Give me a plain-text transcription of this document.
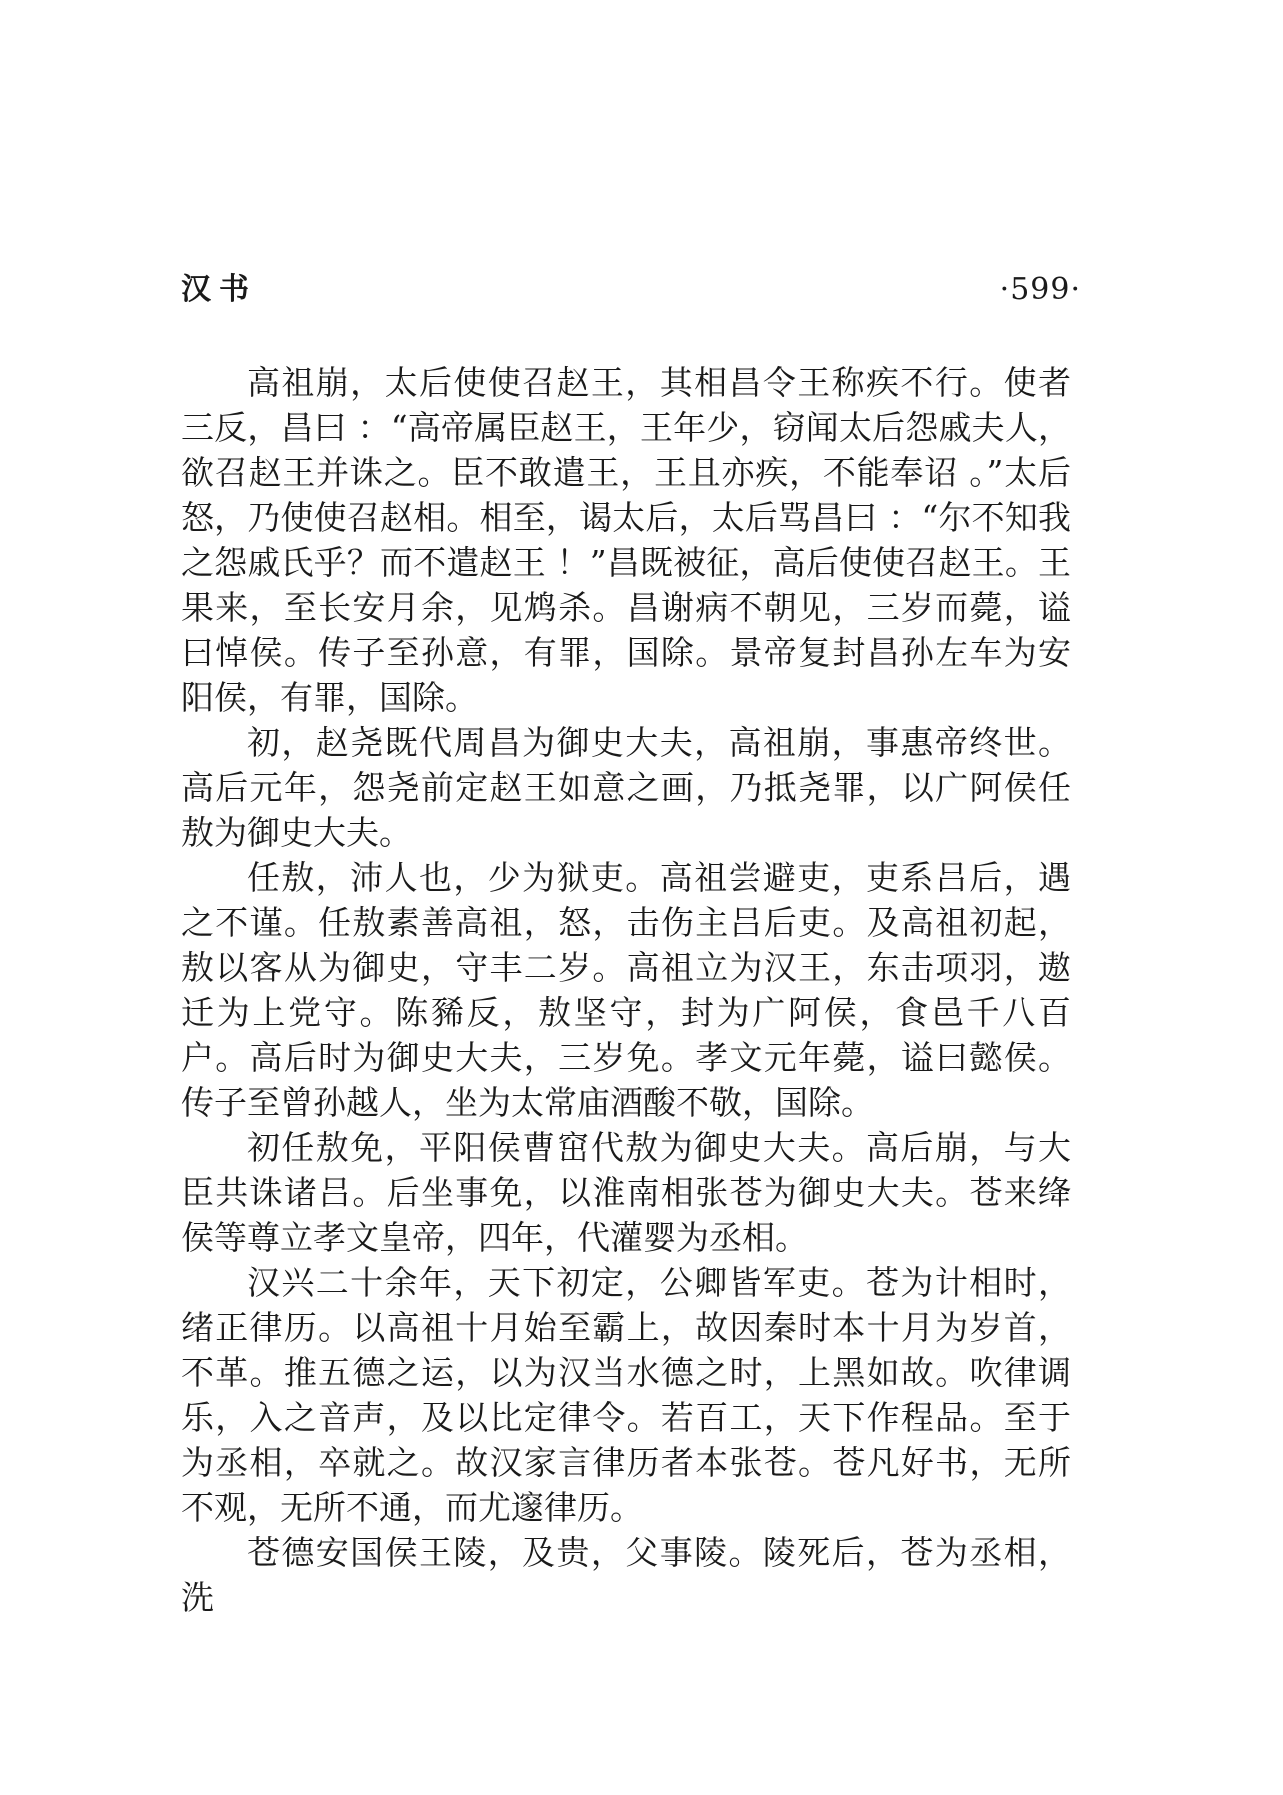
汉书	·599·

高祖崩，太后使使召赵王，其相昌令王称疾不行。使者三反，昌曰 ：“高帝属臣赵王，王年少，窃闻太后怨戚夫人，欲召赵王并诛之。臣不敢遣王，王且亦疾，不能奉诏 。”太后怒，乃使使召赵相。相至，谒太后，太后骂昌曰 ：“尔不知我之怨戚氏乎？而不遣赵王 ！”昌既被征，高后使使召赵王。王果来，至长安月余，见鸩杀。昌谢病不朝见，三岁而薨，谥曰悼侯。传子至孙意，有罪，国除。景帝复封昌孙左车为安阳侯，有罪，国除。

初，赵尧既代周昌为御史大夫，高祖崩，事惠帝终世。高后元年，怨尧前定赵王如意之画，乃抵尧罪，以广阿侯任敖为御史大夫。

任敖，沛人也，少为狱吏。高祖尝避吏，吏系吕后，遇之不谨。任敖素善高祖，怒，击伤主吕后吏。及高祖初起，敖以客从为御史，守丰二岁。高祖立为汉王，东击项羽，遨迁为上党守。陈豨反，敖坚守，封为广阿侯，食邑千八百户。高后时为御史大夫，三岁免。孝文元年薨，谥曰懿侯。传子至曾孙越人，坐为太常庙酒酸不敬，国除。

初任敖免，平阳侯曹窋代敖为御史大夫。高后崩，与大臣共诛诸吕。后坐事免，以淮南相张苍为御史大夫。苍来绛侯等尊立孝文皇帝，四年，代灌婴为丞相。

汉兴二十余年，天下初定，公卿皆军吏。苍为计相时，绪正律历。以高祖十月始至霸上，故因秦时本十月为岁首，不革。推五德之运，以为汉当水德之时，上黑如故。吹律调乐，入之音声，及以比定律令。若百工，天下作程品。至于为丞相，卒就之。故汉家言律历者本张苍。苍凡好书，无所不观，无所不通，而尤邃律历。

苍德安国侯王陵，及贵，父事陵。陵死后，苍为丞相，洗
